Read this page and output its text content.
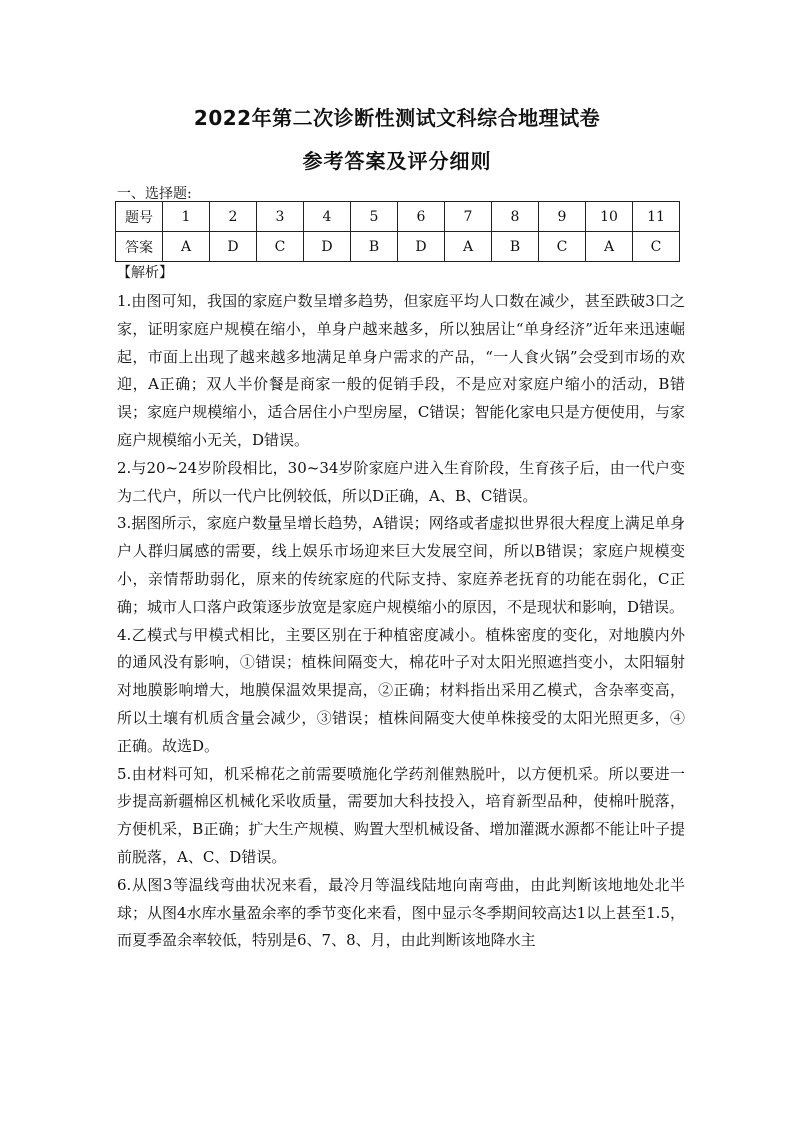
2022年第二次诊断性测试文科综合地理试卷
参考答案及评分细则
一、选择题:
题号	1	2	3	4	5	6	7	8	9	10	11
答案	A	D	C	D	B	D	A	B	C	A	C
【解析】

1.由图可知，我国的家庭户数呈增多趋势，但家庭平均人口数在减少，甚至跌破3口之家，证明家庭户规模在缩小，单身户越来越多，所以独居让“单身经济”近年来迅速崛起，市面上出现了越来越多地满足单身户需求的产品，“一人食火锅”会受到市场的欢迎，A正确；双人半价餐是商家一般的促销手段，不是应对家庭户缩小的活动，B错误；家庭户规模缩小，适合居住小户型房屋，C错误；智能化家电只是方便使用，与家庭户规模缩小无关，D错误。

2.与20~24岁阶段相比，30~34岁阶家庭户进入生育阶段，生育孩子后，由一代户变为二代户，所以一代户比例较低，所以D正确，A、B、C错误。

3.据图所示，家庭户数量呈增长趋势，A错误；网络或者虚拟世界很大程度上满足单身户人群归属感的需要，线上娱乐市场迎来巨大发展空间，所以B错误；家庭户规模变小，亲情帮助弱化，原来的传统家庭的代际支持、家庭养老抚育的功能在弱化，C正确；城市人口落户政策逐步放宽是家庭户规模缩小的原因，不是现状和影响，D错误。

4.乙模式与甲模式相比，主要区别在于种植密度减小。植株密度的变化，对地膜内外的通风没有影响，①错误；植株间隔变大，棉花叶子对太阳光照遮挡变小，太阳辐射对地膜影响增大，地膜保温效果提高，②正确；材料指出采用乙模式，含杂率变高，所以土壤有机质含量会减少，③错误；植株间隔变大使单株接受的太阳光照更多，④正确。故选D。

5.由材料可知，机采棉花之前需要喷施化学药剂催熟脱叶，以方便机采。所以要进一步提高新疆棉区机械化采收质量，需要加大科技投入，培育新型品种，使棉叶脱落，方便机采，B正确；扩大生产规模、购置大型机械设备、增加灌溉水源都不能让叶子提前脱落，A、C、D错误。

6.从图3等温线弯曲状况来看，最冷月等温线陆地向南弯曲，由此判断该地地处北半球；从图4水库水量盈余率的季节变化来看，图中显示冬季期间较高达1以上甚至1.5，而夏季盈余率较低，特别是6、7、8、月，由此判断该地降水主
